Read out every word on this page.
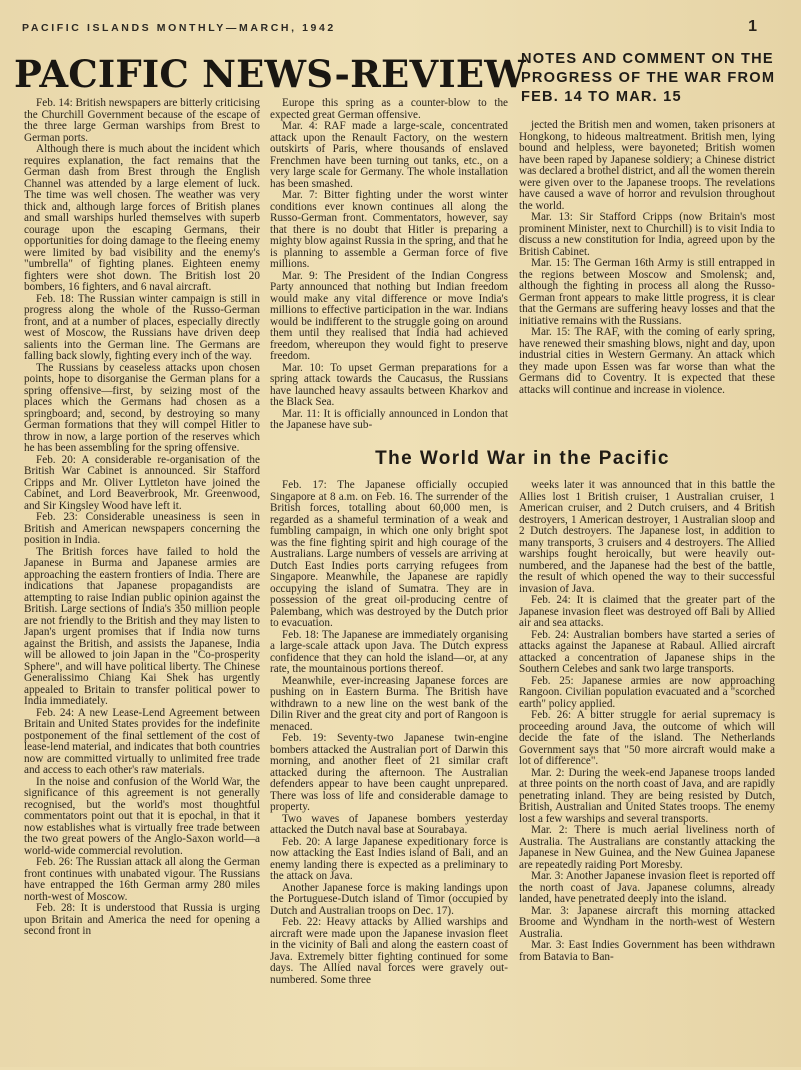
PACIFIC ISLANDS MONTHLY—MARCH, 1942	1
PACIFIC NEWS-REVIEW
NOTES AND COMMENT ON THE PROGRESS OF THE WAR FROM FEB. 14 TO MAR. 15

Feb. 14: British newspapers are bitterly criticising the Churchill Government because of the escape of the three large German warships from Brest to German ports.

Although there is much about the incident which requires explanation, the fact remains that the German dash from Brest through the English Channel was attended by a large element of luck. The time was well chosen. The weather was very thick and, although large forces of British planes and small warships hurled themselves with superb courage upon the escaping Germans, their opportunities for doing damage to the fleeing enemy were limited by bad visibility and the enemy's "umbrella" of fighting planes. Eighteen enemy fighters were shot down. The British lost 20 bombers, 16 fighters, and 6 naval aircraft.

Feb. 18: The Russian winter campaign is still in progress along the whole of the Russo-German front, and at a number of places, especially directly west of Moscow, the Russians have driven deep salients into the German line. The Germans are falling back slowly, fighting every inch of the way.

The Russians by ceaseless attacks upon chosen points, hope to disorganise the German plans for a spring offensive—first, by seizing most of the places which the Germans had chosen as a springboard; and, second, by destroying so many German formations that they will compel Hitler to throw in now, a large portion of the reserves which he has been assembling for the spring offensive.

Feb. 20: A considerable re-organisation of the British War Cabinet is announced. Sir Stafford Cripps and Mr. Oliver Lyttleton have joined the Cabinet, and Lord Beaverbrook, Mr. Greenwood, and Sir Kingsley Wood have left it.

Feb. 23: Considerable uneasiness is seen in British and American newspapers concerning the position in India.

The British forces have failed to hold the Japanese in Burma and Japanese armies are approaching the eastern frontiers of India. There are indications that Japanese propagandists are attempting to raise Indian public opinion against the British. Large sections of India's 350 million people are not friendly to the British and they may listen to Japan's urgent promises that if India now turns against the British, and assists the Japanese, India will be allowed to join Japan in the "Co-prosperity Sphere", and will have political liberty. The Chinese Generalissimo Chiang Kai Shek has urgently appealed to Britain to transfer political power to India immediately.

Feb. 24: A new Lease-Lend Agreement between Britain and United States provides for the indefinite postponement of the final settlement of the cost of lease-lend material, and indicates that both countries now are committed virtually to unlimited free trade and access to each other's raw materials.

In the noise and confusion of the World War, the significance of this agreement is not generally recognised, but the world's most thoughtful commentators point out that it is epochal, in that it now establishes what is virtually free trade between the two great powers of the Anglo-Saxon world—a world-wide commercial revolution.

Feb. 26: The Russian attack all along the German front continues with unabated vigour. The Russians have entrapped the 16th German army 280 miles north-west of Moscow.

Feb. 28: It is understood that Russia is urging upon Britain and America the need for opening a second front in

Europe this spring as a counter-blow to the expected great German offensive.

Mar. 4: RAF made a large-scale, concentrated attack upon the Renault Factory, on the western outskirts of Paris, where thousands of enslaved Frenchmen have been turning out tanks, etc., on a very large scale for Germany. The whole installation has been smashed.

Mar. 7: Bitter fighting under the worst winter conditions ever known continues all along the Russo-German front. Commentators, however, say that there is no doubt that Hitler is preparing a mighty blow against Russia in the spring, and that he is planning to assemble a German force of five millions.

Mar. 9: The President of the Indian Congress Party announced that nothing but Indian freedom would make any vital difference or move India's millions to effective participation in the war. Indians would be indifferent to the struggle going on around them until they realised that India had achieved freedom, whereupon they would fight to preserve freedom.

Mar. 10: To upset German preparations for a spring attack towards the Caucasus, the Russians have launched heavy assaults between Kharkov and the Black Sea.

Mar. 11: It is officially announced in London that the Japanese have sub-

jected the British men and women, taken prisoners at Hongkong, to hideous maltreatment. British men, lying bound and helpless, were bayoneted; British women have been raped by Japanese soldiery; a Chinese district was declared a brothel district, and all the women therein were given over to the Japanese troops. The revelations have caused a wave of horror and revulsion throughout the world.

Mar. 13: Sir Stafford Cripps (now Britain's most prominent Minister, next to Churchill) is to visit India to discuss a new constitution for India, agreed upon by the British Cabinet.

Mar. 15: The German 16th Army is still entrapped in the regions between Moscow and Smolensk; and, although the fighting in process all along the Russo-German front appears to make little progress, it is clear that the Germans are suffering heavy losses and that the initiative remains with the Russians.

Mar. 15: The RAF, with the coming of early spring, have renewed their smashing blows, night and day, upon industrial cities in Western Germany. An attack which they made upon Essen was far worse than what the Germans did to Coventry. It is expected that these attacks will continue and increase in violence.

The World War in the Pacific

Feb. 17: The Japanese officially occupied Singapore at 8 a.m. on Feb. 16. The surrender of the British forces, totalling about 60,000 men, is regarded as a shameful termination of a weak and fumbling campaign, in which one only bright spot was the fine fighting spirit and high courage of the Australians. Large numbers of vessels are arriving at Dutch East Indies ports carrying refugees from Singapore. Meanwhile, the Japanese are rapidly occupying the island of Sumatra. They are in possession of the great oil-producing centre of Palembang, which was destroyed by the Dutch prior to evacuation.

Feb. 18: The Japanese are immediately organising a large-scale attack upon Java. The Dutch express confidence that they can hold the island—or, at any rate, the mountainous portions thereof.

Meanwhile, ever-increasing Japanese forces are pushing on in Eastern Burma. The British have withdrawn to a new line on the west bank of the Dilin River and the great city and port of Rangoon is menaced.

Feb. 19: Seventy-two Japanese twin-engine bombers attacked the Australian port of Darwin this morning, and another fleet of 21 similar craft attacked during the afternoon. The Australian defenders appear to have been caught unprepared. There was loss of life and considerable damage to property.

Two waves of Japanese bombers yesterday attacked the Dutch naval base at Sourabaya.

Feb. 20: A large Japanese expeditionary force is now attacking the East Indies island of Bali, and an enemy landing there is expected as a preliminary to the attack on Java.

Another Japanese force is making landings upon the Portuguese-Dutch island of Timor (occupied by Dutch and Australian troops on Dec. 17).

Feb. 22: Heavy attacks by Allied warships and aircraft were made upon the Japanese invasion fleet in the vicinity of Bali and along the eastern coast of Java. Extremely bitter fighting continued for some days. The Allied naval forces were gravely out-numbered. Some three

weeks later it was announced that in this battle the Allies lost 1 British cruiser, 1 Australian cruiser, 1 American cruiser, and 2 Dutch cruisers, and 4 British destroyers, 1 American destroyer, 1 Australian sloop and 2 Dutch destroyers. The Japanese lost, in addition to many transports, 3 cruisers and 4 destroyers. The Allied warships fought heroically, but were heavily out-numbered, and the Japanese had the best of the battle, the result of which opened the way to their successful invasion of Java.

Feb. 24: It is claimed that the greater part of the Japanese invasion fleet was destroyed off Bali by Allied air and sea attacks.

Feb. 24: Australian bombers have started a series of attacks against the Japanese at Rabaul. Allied aircraft attacked a concentration of Japanese ships in the Southern Celebes and sank two large transports.

Feb. 25: Japanese armies are now approaching Rangoon. Civilian population evacuated and a "scorched earth" policy applied.

Feb. 26: A bitter struggle for aerial supremacy is proceeding around Java, the outcome of which will decide the fate of the island. The Netherlands Government says that "50 more aircraft would make a lot of difference".

Mar. 2: During the week-end Japanese troops landed at three points on the north coast of Java, and are rapidly penetrating inland. They are being resisted by Dutch, British, Australian and United States troops. The enemy lost a few warships and several transports.

Mar. 2: There is much aerial liveliness north of Australia. The Australians are constantly attacking the Japanese in New Guinea, and the New Guinea Japanese are repeatedly raiding Port Moresby.

Mar. 3: Another Japanese invasion fleet is reported off the north coast of Java. Japanese columns, already landed, have penetrated deeply into the island.

Mar. 3: Japanese aircraft this morning attacked Broome and Wyndham in the north-west of Western Australia.

Mar. 3: East Indies Government has been withdrawn from Batavia to Ban-
